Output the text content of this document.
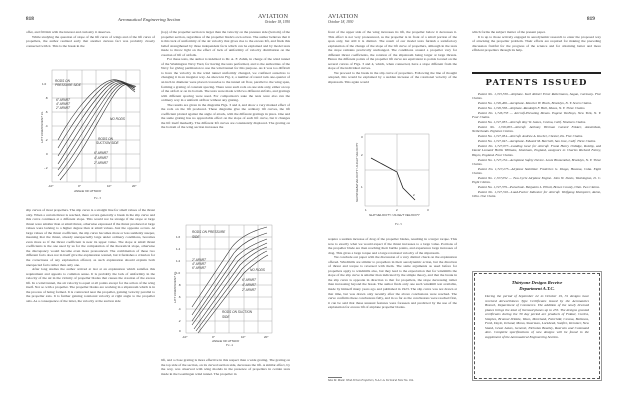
818	Aeronautical Engineering Section	AVIATION
October 18, 1930

offer, and fill him with the interest and curiosity it deserves.

While studying the question of slope of the lift curve of wings and of the lift curve of propellers, the author realized early that another curious fact was probably closely connected with it. This is the break in the

RODS ON
PRESSURE SIDE
6" APART
4" APART
2" APART
NO RODS
RODS ON
SUCTION SIDE
6" APART
4" APART
2" APART
1.0
.8
.6
.4
.2
0
-.2
-10°	0°	10°	20°
ANGLE OF ATTACK
LIFT COEFFICIENT CL
Fig. 3

slip curves of most propellers. The slip curve is a straight line for small values of the thrust only. When a certain thrust is reached, there occurs generally a break in the slip curve and this curve continues at a different slope. This would not be strange if the slope at large thrust were smaller than at small thrust, otherwise expressed if the thrust produced at large values were lacking to a higher degree than at small values. Just the opposite occurs. At large values of the thrust coefficient, the slip curve becomes more or less suddenly steeper, meaning that the thrust, already unexpectedly large under ordinary conditions, becomes even more so if the thrust coefficient is near its upper value. The slope at small thrust coefficients is the one used by us for the computation of the theoretical slope, otherwise the discrepancy would become even more pronounced. The combination of these two different facts does not in itself give the explanation wanted, but it furnishes a criterion for the correctness of any explanation offered, as such explanation should explain both unexpected facts rather than only one.

After long studies the author arrived at last at an explanation which satisfies this requirement and appeals to common sense. It is probably the lack of uniformity in the velocity of the air in the vicinity of propeller blades that causes the creation of the excess lift. In a wind tunnel, the air velocity is equal at all points except for the action of the wing itself. Not so with a propeller. The propeller blades are working in a slipstream which is in the process of being formed. It is contracted near the propeller, gaining velocity parallel to the propeller axis. It is further gaining rotational velocity at right angle to the propeller axis. As a consequence of the latter, the velocity at the suction side

(top) of the propeller section is larger than the velocity on the pressure side (bottom) of the propeller section, regardless of the propeller blade's own action. The author believes that it is this lack of uniformity of the air velocity that gives rise to the excess lift, and finds this belief strengthened by three independent facts which can be explained and by model tests made to throw light on the effect of lack of uniformity of velocity distribution on the creation of lift of airfoils.

For these tests, the author is indebted to Dr. A. F. Zahm, in charge of the wind tunnel of the Washington Navy Yard, for having the tests performed, and to the authorities of the Navy for giving permission to use the wind tunnel for this purpose. As it was too difficult to have the velocity in the wind tunnel uniformly changed, we confined ourselves to changing it in an irregular way. As shown in Fig. 2, a number of round rods one-quarter of an inch in diameter were placed crosswise to the tunnel air flow, parallel to the wing span, forming a grating of constant spacing. There were such rods on one side only, either on top of the airfoil or on its bottom. The tests were made with two different airfoils, and gratings with different spacing were used. For comparison's sake the tests were also run the ordinary way in a uniform airflow without any grating.

The results are given in the diagrams Figs. 3 and 4, and show a very marked effect of the rods on the lift produced. These diagrams give the ordinary lift curves, the lift coefficient plotted against the angle of attack, with the different gratings in place. One and the same grating has no appreciable effect on the slope of each lift curve, but it changes the lift itself markedly. The different lift curves are consistently displaced. The grating on the bottom of the wing section increases the

RODS ON PRESSURE
SIDE
2" APART
4" APART
6" APART	NO RODS
6" APART
4" APART
2" APART
RODS ON SUCTION
SIDE
1.6
1.4
1.2
1.0
.8
.6
.4
.2
0
-10°	0°	10°	20°
ANGLE OF ATTACK
LIFT COEFFICIENT CL
Fig. 4

lift, and a close grating is more effective in this respect than a wide grating. The grating on the top side of the section, on its curved suction side, decreases the lift. A similar effect, by the way, was observed with wing models in the presence of propellers in certain tests made in the Goettingen wind tunnel. The propeller in

AVIATION
October 18, 1930	819

front of the upper side of the wing increases its lift, the propeller below it decreases it. This effect is not very pronounced, as the propeller is in front of a small portion of the span only, but still it is distinct. The result of our model tests furnish a satisfactory explanation of the change of the slope of the lift curve of propellers, although in the tests the slope remains practically unchanged. The conditions around a propeller vary for different thrust coefficients, the rotation of the slipstream being larger at large thrusts. Hence the different points of the propeller lift curve are equivalent to points located on the several curves of Figs. 3 and 4, which, when connected, have a slope different from the slope of the individual curves.

We proceed to the break in the slip curve of propellers. Following the line of thought adopted, this would be explained by a sudden increase of the rotational velocity of the slipstream. This again would

3
2
1
1	2	3
SLIP VELOCITY / FLIGHT VELOCITY
2
SLIPSTREAM VELOCITY / FLIGHT VELOCITY
Fig. 5

require a sudden increase of drag of the propeller blades, resulting in a larger torque. This now is exactly what we would expect if the thrust increases to a large value. Portions of the propeller blade are then reaching their burble points, and experience large increases of drag. This gives a large torque and a large rotational velocity of the slipstream.

We conclude our paper with the discussion of a very distinct check on the explanation offered. Windmills are similar to propellers in their aerodynamic action, but the direction of thrust and torque is reversed with them. The same arguments as used before for propellers apply to windmills also, but they lead to the expectation that for windmills the slope of the slip curve is smaller than indicated by the simple theory, and that the break in the slip curve is opposite in direction to that for propellers, the slope decreasing rather than increasing beyond the break. The author finds only one such windmill test available, made by himself many years ago and published in 1923. The slip curve was not drawn at that time, but was drawn only recently after the above conclusions were reached. The curve confirms these conclusions fully, and in so far as the conclusions were reached first, it can be said that these unusual features were foreseen and predicted by the use of the explanation for excess lift of airplane propeller blades.

Max M. Munk: Wind Driven Propellers, N.A.C.A. Technical Note No. 164.

which forms the subject matter of the present paper.

It is up to those actively engaged in aerodynamic research to enter the proposed way of attacking the propeller problem. Their efforts are required for making the preceding discussion fruitful for the progress of the science and for obtaining better and more efficient propellers through its help.

PATENTS ISSUED

Patent No. 1,725,550—Airplane. Karl Robert Ernst Ruttermann, Sagan, Germany. Five Claims.

Patent No. 1,726,466—Aeroplane. Maurice H. Block, Brooklyn, N. Y. Seven Claims.

Patent No. 1,726,558—Airplane. Randolph F. Hall, Ithaca, N. Y. Three Claims.

Patent No. 1,726,733 — Aircraft-Elevating Means. Eugene VanNuys, New York, N. Y. Four Claims.

Patent No. 1,727,033—Aircraft. Roy W. James, Covina, Calif. Nineteen Claims.

Patent No. 1,726,903—Aircraft. Anthony Herman Gerard Fokker, Amsterdam, Netherlands. Eighteen Claims.

Patent No. 1,727,034—Aircraft. Andrew A. Kucher, Chester, Pa. Five Claims.

Patent No. 1,727,047—Aeroplane. Edward M. Burchell, San Jose, Calif. Three Claims.

Patent No. 1,727,077—Landing Gear for Aircraft. Frank Henry Ordidge, Ruislip, and David Leonard Hollis Williams, Ickenham, England, assignors to Charles Richard Fairey, Hayes, England. Four Claims.

Patent No. 1,727,152—Aeroplane Safety Device. Louis Blumenthal, Brooklyn, N. Y. Three Claims.

Patent No. 1,727,275—Airplane Stabilizer. Frederico G. Diago, Havana, Cuba. Eight Claims.

Patent No. 1,727,052 — Two-Cycle Airplane Engine. John W. Davis, Washington, D. C. Eight Claims.

Patent No. 1,727,379—Parachute. Benjamin L. Elliott, Brown County, Ohio. Two Claims.

Patent No. 1,727,310—Load-Factor Indicator for Aircraft. Wolfgang Klemperer, Akron, Ohio. One Claim.

Thirtyone Designs Receive
Department A.T.C.
During the period of September 22 to October 19, 31 designs have received Airworthiness Type Certificates issued by the Aeronautics Branch, Department of Commerce. The addition of the newly licensed planes brings the total of licensed planes up to 255. The designs granted certificates during the 30 day period are products of Fokker, Curtiss, Simplex, Brunner-Winkle, Waco, Moreland, Fairchild, Cessna, Bellanca, Ford, Doyle, Ireland, Mono, Stearman, Lockheed, Sunfire, Kreutzer, New Stand, Great Lakes, General, Nicholas Beazley, Rearwin and Command Aire. Complete specifications of new designs will be found in the supplement of the Aeronautical Engineering Section.
